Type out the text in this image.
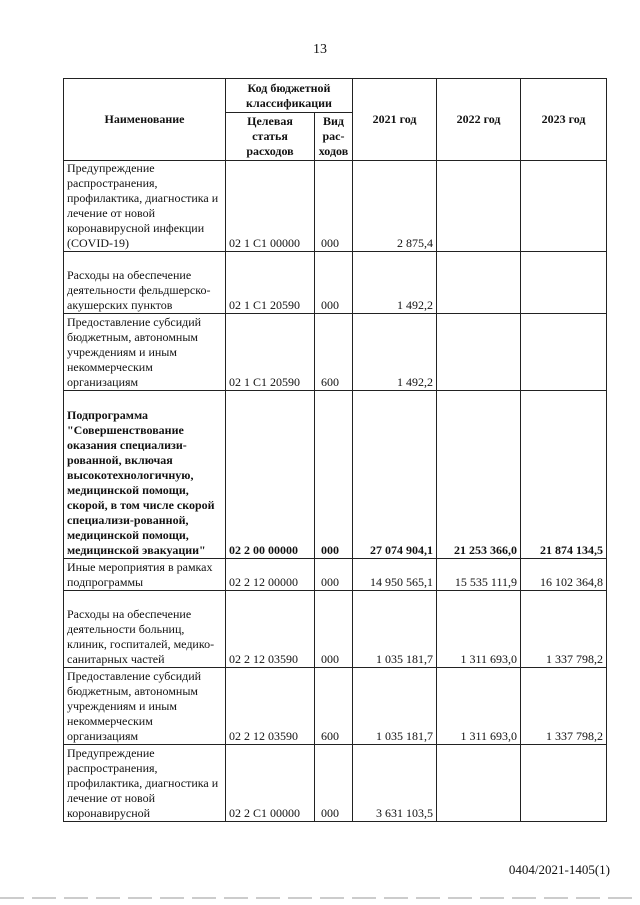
13
Наименование	Код бюджетной классификации		2021 год	2022 год	2023 год
	Целевая статья расходов	Вид рас-ходов			
Предупреждение распространения, профилактика, диагностика и лечение от новой коронавирусной инфекции (COVID-19)	02 1 С1 00000	000	2 875,4		
Расходы на обеспечение деятельности фельдшерско-акушерских пунктов	02 1 С1 20590	000	1 492,2		
Предоставление субсидий бюджетным, автономным учреждениям и иным некоммерческим организациям	02 1 С1 20590	600	1 492,2		
Подпрограмма "Совершенствование оказания специализи-рованной, включая высокотехнологичную, медицинской помощи, скорой, в том числе скорой специализи-рованной, медицинской помощи, медицинской эвакуации"	02 2 00 00000	000	27 074 904,1	21 253 366,0	21 874 134,5
Иные мероприятия в рамках подпрограммы	02 2 12 00000	000	14 950 565,1	15 535 111,9	16 102 364,8
Расходы на обеспечение деятельности больниц, клиник, госпиталей, медико-санитарных частей	02 2 12 03590	000	1 035 181,7	1 311 693,0	1 337 798,2
Предоставление субсидий бюджетным, автономным учреждениям и иным некоммерческим организациям	02 2 12 03590	600	1 035 181,7	1 311 693,0	1 337 798,2
Предупреждение распространения, профилактика, диагностика и лечение от новой коронавирусной	02 2 С1 00000	000	3 631 103,5		
0404/2021-1405(1)
